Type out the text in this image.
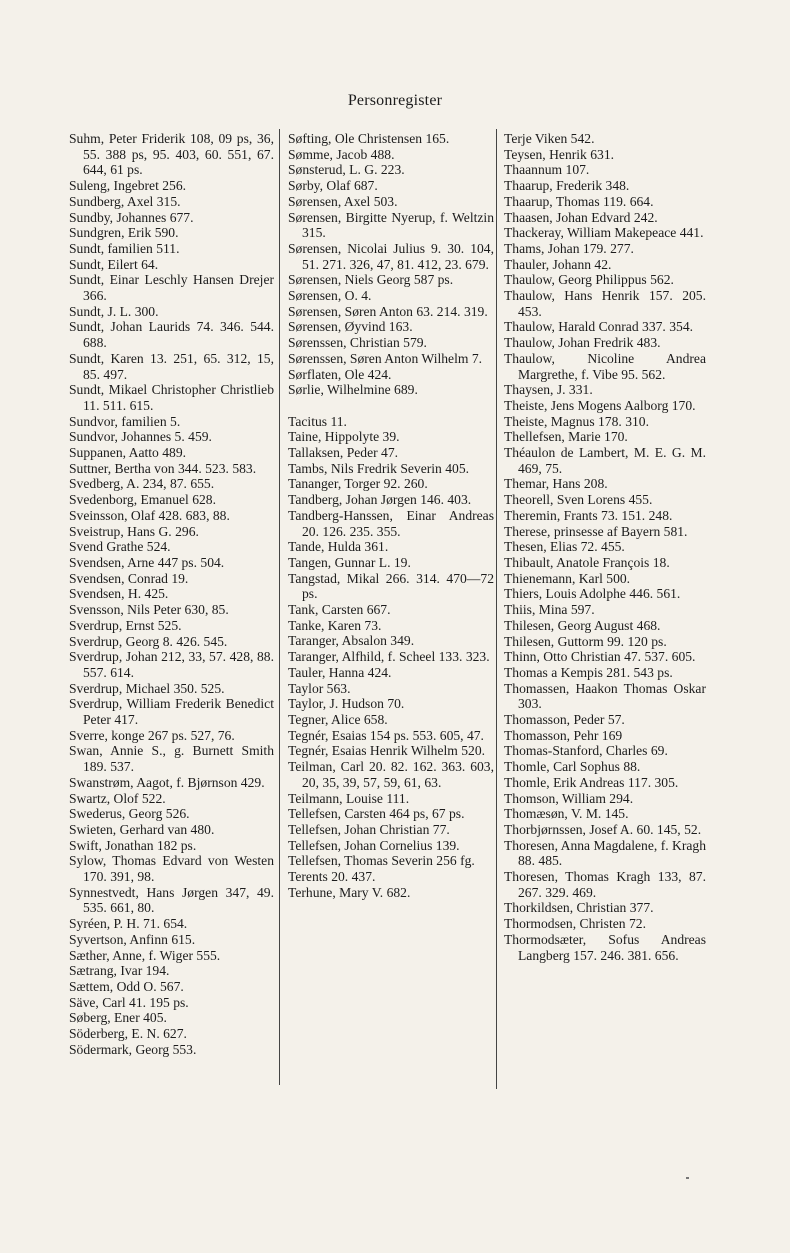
Personregister
Suhm, Peter Friderik 108, 09 ps, 36, 55. 388 ps, 95. 403, 60. 551, 67. 644, 61 ps.
Suleng, Ingebret 256.
Sundberg, Axel 315.
Sundby, Johannes 677.
Sundgren, Erik 590.
Sundt, familien 511.
Sundt, Eilert 64.
Sundt, Einar Leschly Hansen Drejer 366.
Sundt, J. L. 300.
Sundt, Johan Laurids 74. 346. 544. 688.
Sundt, Karen 13. 251, 65. 312, 15, 85. 497.
Sundt, Mikael Christopher Christlieb 11. 511. 615.
Sundvor, familien 5.
Sundvor, Johannes 5. 459.
Suppanen, Aatto 489.
Suttner, Bertha von 344. 523. 583.
Svedberg, A. 234, 87. 655.
Svedenborg, Emanuel 628.
Sveinsson, Olaf 428. 683, 88.
Sveistrup, Hans G. 296.
Svend Grathe 524.
Svendsen, Arne 447 ps. 504.
Svendsen, Conrad 19.
Svendsen, H. 425.
Svensson, Nils Peter 630, 85.
Sverdrup, Ernst 525.
Sverdrup, Georg 8. 426. 545.
Sverdrup, Johan 212, 33, 57. 428, 88. 557. 614.
Sverdrup, Michael 350. 525.
Sverdrup, William Frederik Benedict Peter 417.
Sverre, konge 267 ps. 527, 76.
Swan, Annie S., g. Burnett Smith 189. 537.
Swanstrøm, Aagot, f. Bjørnson 429.
Swartz, Olof 522.
Swederus, Georg 526.
Swieten, Gerhard van 480.
Swift, Jonathan 182 ps.
Sylow, Thomas Edvard von Westen 170. 391, 98.
Synnestvedt, Hans Jørgen 347, 49. 535. 661, 80.
Syréen, P. H. 71. 654.
Syvertson, Anfinn 615.
Sæther, Anne, f. Wiger 555.
Sætrang, Ivar 194.
Sættem, Odd O. 567.
Säve, Carl 41. 195 ps.
Søberg, Ener 405.
Söderberg, E. N. 627.
Södermark, Georg 553.
Søfting, Ole Christensen 165.
Sømme, Jacob 488.
Sønsterud, L. G. 223.
Sørby, Olaf 687.
Sørensen, Axel 503.
Sørensen, Birgitte Nyerup, f. Weltzin 315.
Sørensen, Nicolai Julius 9. 30. 104, 51. 271. 326, 47, 81. 412, 23. 679.
Sørensen, Niels Georg 587 ps.
Sørensen, O. 4.
Sørensen, Søren Anton 63. 214. 319.
Sørensen, Øyvind 163.
Sørenssen, Christian 579.
Sørenssen, Søren Anton Wilhelm 7.
Sørflaten, Ole 424.
Sørlie, Wilhelmine 689.
Tacitus 11.
Taine, Hippolyte 39.
Tallaksen, Peder 47.
Tambs, Nils Fredrik Severin 405.
Tananger, Torger 92. 260.
Tandberg, Johan Jørgen 146. 403.
Tandberg-Hanssen, Einar Andreas 20. 126. 235. 355.
Tande, Hulda 361.
Tangen, Gunnar L. 19.
Tangstad, Mikal 266. 314. 470—72 ps.
Tank, Carsten 667.
Tanke, Karen 73.
Taranger, Absalon 349.
Taranger, Alfhild, f. Scheel 133. 323.
Tauler, Hanna 424.
Taylor 563.
Taylor, J. Hudson 70.
Tegner, Alice 658.
Tegnér, Esaias 154 ps. 553. 605, 47.
Tegnér, Esaias Henrik Wilhelm 520.
Teilman, Carl 20. 82. 162. 363. 603, 20, 35, 39, 57, 59, 61, 63.
Teilmann, Louise 111.
Tellefsen, Carsten 464 ps, 67 ps.
Tellefsen, Johan Christian 77.
Tellefsen, Johan Cornelius 139.
Tellefsen, Thomas Severin 256 fg.
Terents 20. 437.
Terhune, Mary V. 682.
Terje Viken 542.
Teysen, Henrik 631.
Thaannum 107.
Thaarup, Frederik 348.
Thaarup, Thomas 119. 664.
Thaasen, Johan Edvard 242.
Thackeray, William Makepeace 441.
Thams, Johan 179. 277.
Thauler, Johann 42.
Thaulow, Georg Philippus 562.
Thaulow, Hans Henrik 157. 205. 453.
Thaulow, Harald Conrad 337. 354.
Thaulow, Johan Fredrik 483.
Thaulow, Nicoline Andrea Margrethe, f. Vibe 95. 562.
Thaysen, J. 331.
Theiste, Jens Mogens Aalborg 170.
Theiste, Magnus 178. 310.
Thellefsen, Marie 170.
Théaulon de Lambert, M. E. G. M. 469, 75.
Themar, Hans 208.
Theorell, Sven Lorens 455.
Theremin, Frants 73. 151. 248.
Therese, prinsesse af Bayern 581.
Thesen, Elias 72. 455.
Thibault, Anatole François 18.
Thienemann, Karl 500.
Thiers, Louis Adolphe 446. 561.
Thiis, Mina 597.
Thilesen, Georg August 468.
Thilesen, Guttorm 99. 120 ps.
Thinn, Otto Christian 47. 537. 605.
Thomas a Kempis 281. 543 ps.
Thomassen, Haakon Thomas Oskar 303.
Thomasson, Peder 57.
Thomasson, Pehr 169
Thomas-Stanford, Charles 69.
Thomle, Carl Sophus 88.
Thomle, Erik Andreas 117. 305.
Thomson, William 294.
Thomæsøn, V. M. 145.
Thorbjørnssen, Josef A. 60. 145, 52.
Thoresen, Anna Magdalene, f. Kragh 88. 485.
Thoresen, Thomas Kragh 133, 87. 267. 329. 469.
Thorkildsen, Christian 377.
Thormodsen, Christen 72.
Thormodsæter, Sofus Andreas Langberg 157. 246. 381. 656.
